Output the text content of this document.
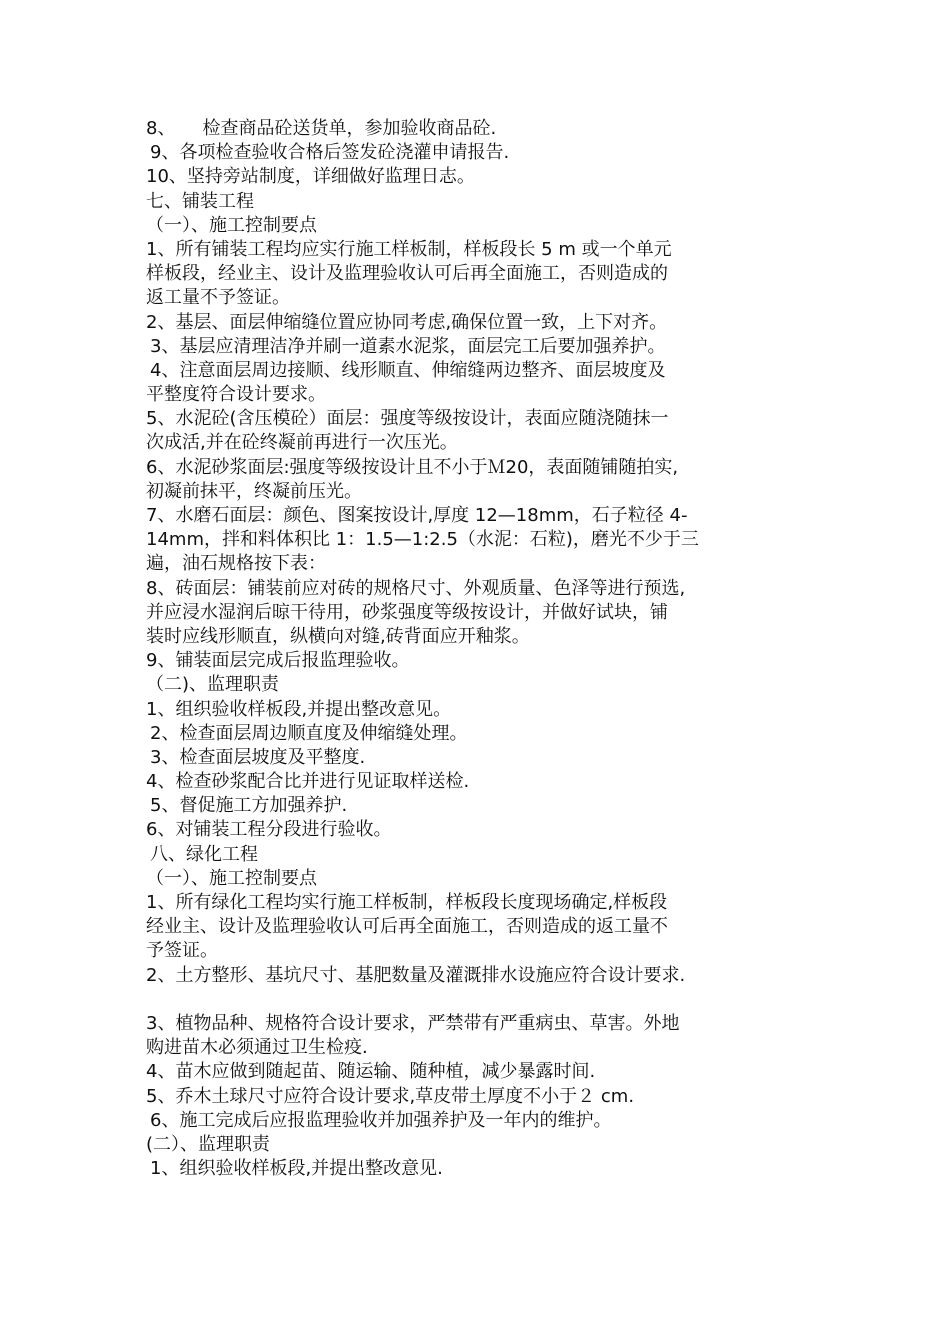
8、　　检查商品砼送货单，参加验收商品砼.
9、各项检查验收合格后签发砼浇灌申请报告.
10、坚持旁站制度，详细做好监理日志。
七、铺装工程
（一）、施工控制要点
1、所有铺装工程均应实行施工样板制，样板段长 5 m 或一个单元
样板段，经业主、设计及监理验收认可后再全面施工，否则造成的
返工量不予签证。
2、基层、面层伸缩缝位置应协同考虑,确保位置一致，上下对齐。
3、基层应清理洁净并刷一道素水泥浆，面层完工后要加强养护。
4、注意面层周边接顺、线形顺直、伸缩缝两边整齐、面层坡度及
平整度符合设计要求。
5、水泥砼(含压模砼）面层：强度等级按设计，表面应随浇随抹一
次成活,并在砼终凝前再进行一次压光。
6、水泥砂浆面层:强度等级按设计且不小于Ｍ20，表面随铺随拍实,
初凝前抹平，终凝前压光。
7、水磨石面层：颜色、图案按设计,厚度 12—18mm，石子粒径 4-
14mm，拌和料体积比 1：1.5—1:2.5（水泥：石粒)，磨光不少于三
遍，油石规格按下表：
8、砖面层：铺装前应对砖的规格尺寸、外观质量、色泽等进行预选,
并应浸水湿润后晾干待用，砂浆强度等级按设计，并做好试块，铺
装时应线形顺直，纵横向对缝,砖背面应开釉浆。
9、铺装面层完成后报监理验收。
（二)、监理职责
1、组织验收样板段,并提出整改意见。
2、检查面层周边顺直度及伸缩缝处理。
3、检查面层坡度及平整度.
4、检查砂浆配合比并进行见证取样送检.
5、督促施工方加强养护.
6、对铺装工程分段进行验收。
八、绿化工程
（一）、施工控制要点
1、所有绿化工程均实行施工样板制，样板段长度现场确定,样板段
经业主、设计及监理验收认可后再全面施工，否则造成的返工量不
予签证。
2、土方整形、基坑尺寸、基肥数量及灌溉排水设施应符合设计要求.
3、植物品种、规格符合设计要求，严禁带有严重病虫、草害。外地
购进苗木必须通过卫生检疫.
4、苗木应做到随起苗、随运输、随种植，减少暴露时间.
5、乔木土球尺寸应符合设计要求,草皮带土厚度不小于２ cm.
6、施工完成后应报监理验收并加强养护及一年内的维护。
(二）、监理职责
1、组织验收样板段,并提出整改意见.
